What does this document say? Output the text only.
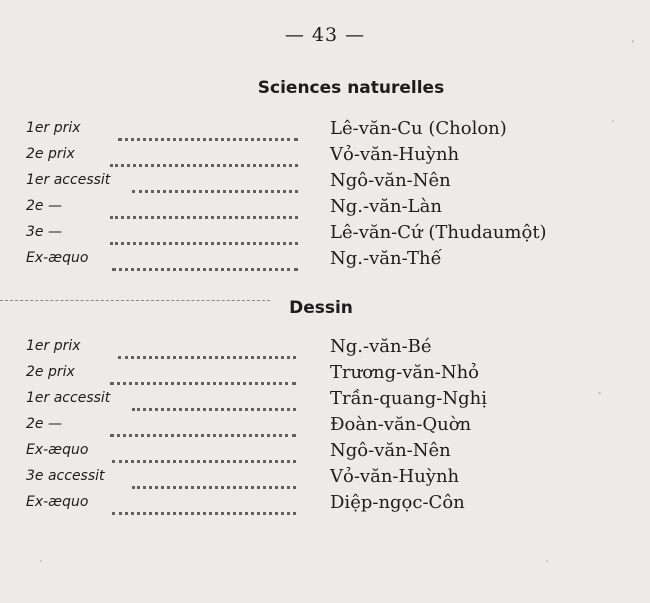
— 43 —
Sciences naturelles
1er prix	Lê-văn-Cu (Cholon)
2e prix	Vỏ-văn-Huỳnh
1er accessit	Ngô-văn-Nên
2e —	Ng.-văn-Làn
3e —	Lê-văn-Cứ (Thudaumột)
Ex-æquo	Ng.-văn-Thế
Dessin
1er prix	Ng.-văn-Bé
2e prix	Trương-văn-Nhỏ
1er accessit	Trần-quang-Nghị
2e —	Đoàn-văn-Quờn
Ex-æquo	Ngô-văn-Nên
3e accessit	Vỏ-văn-Huỳnh
Ex-æquo	Diệp-ngọc-Côn
